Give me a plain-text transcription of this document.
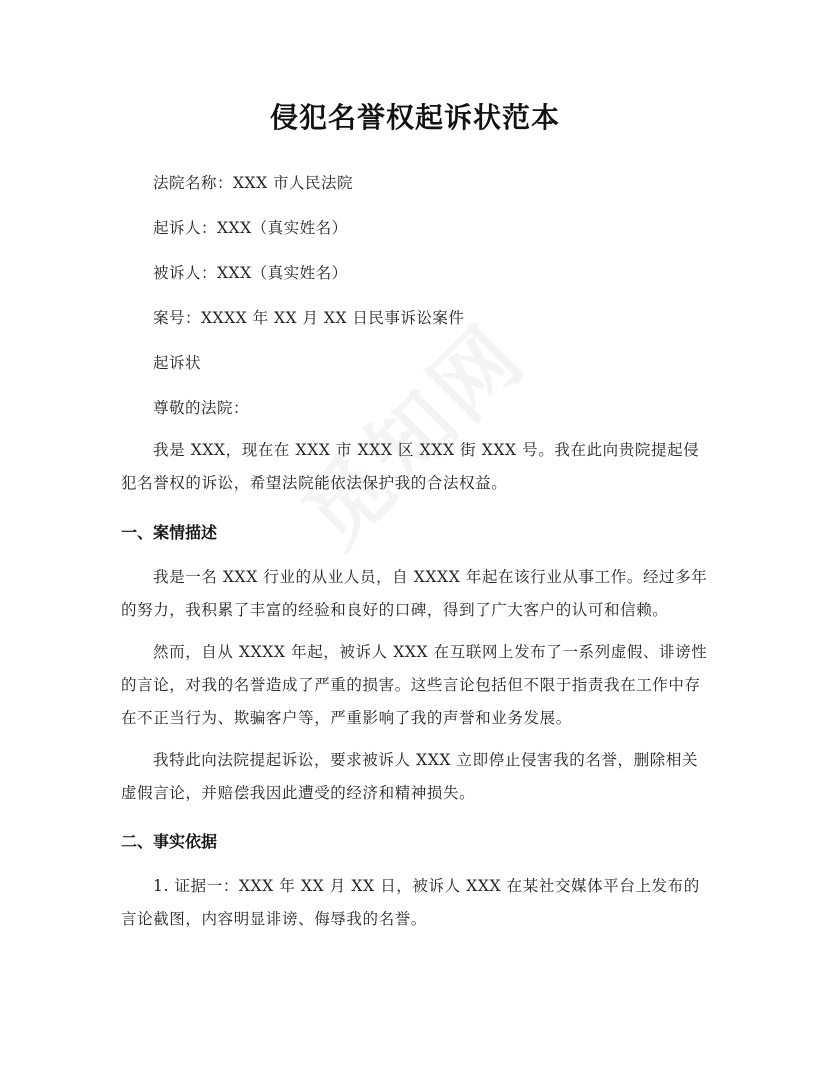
侵犯名誉权起诉状范本
法院名称：XXX 市人民法院
起诉人：XXX（真实姓名）
被诉人：XXX（真实姓名）
案号：XXXX 年 XX 月 XX 日民事诉讼案件
起诉状
尊敬的法院：
我是 XXX，现在在 XXX 市 XXX 区 XXX 街 XXX 号。我在此向贵院提起侵犯名誉权的诉讼，希望法院能依法保护我的合法权益。
一、案情描述
我是一名 XXX 行业的从业人员，自 XXXX 年起在该行业从事工作。经过多年的努力，我积累了丰富的经验和良好的口碑，得到了广大客户的认可和信赖。
然而，自从 XXXX 年起，被诉人 XXX 在互联网上发布了一系列虚假、诽谤性的言论，对我的名誉造成了严重的损害。这些言论包括但不限于指责我在工作中存在不正当行为、欺骗客户等，严重影响了我的声誉和业务发展。
我特此向法院提起诉讼，要求被诉人 XXX 立即停止侵害我的名誉，删除相关虚假言论，并赔偿我因此遭受的经济和精神损失。
二、事实依据
1. 证据一：XXX 年 XX 月 XX 日，被诉人 XXX 在某社交媒体平台上发布的言论截图，内容明显诽谤、侮辱我的名誉。
